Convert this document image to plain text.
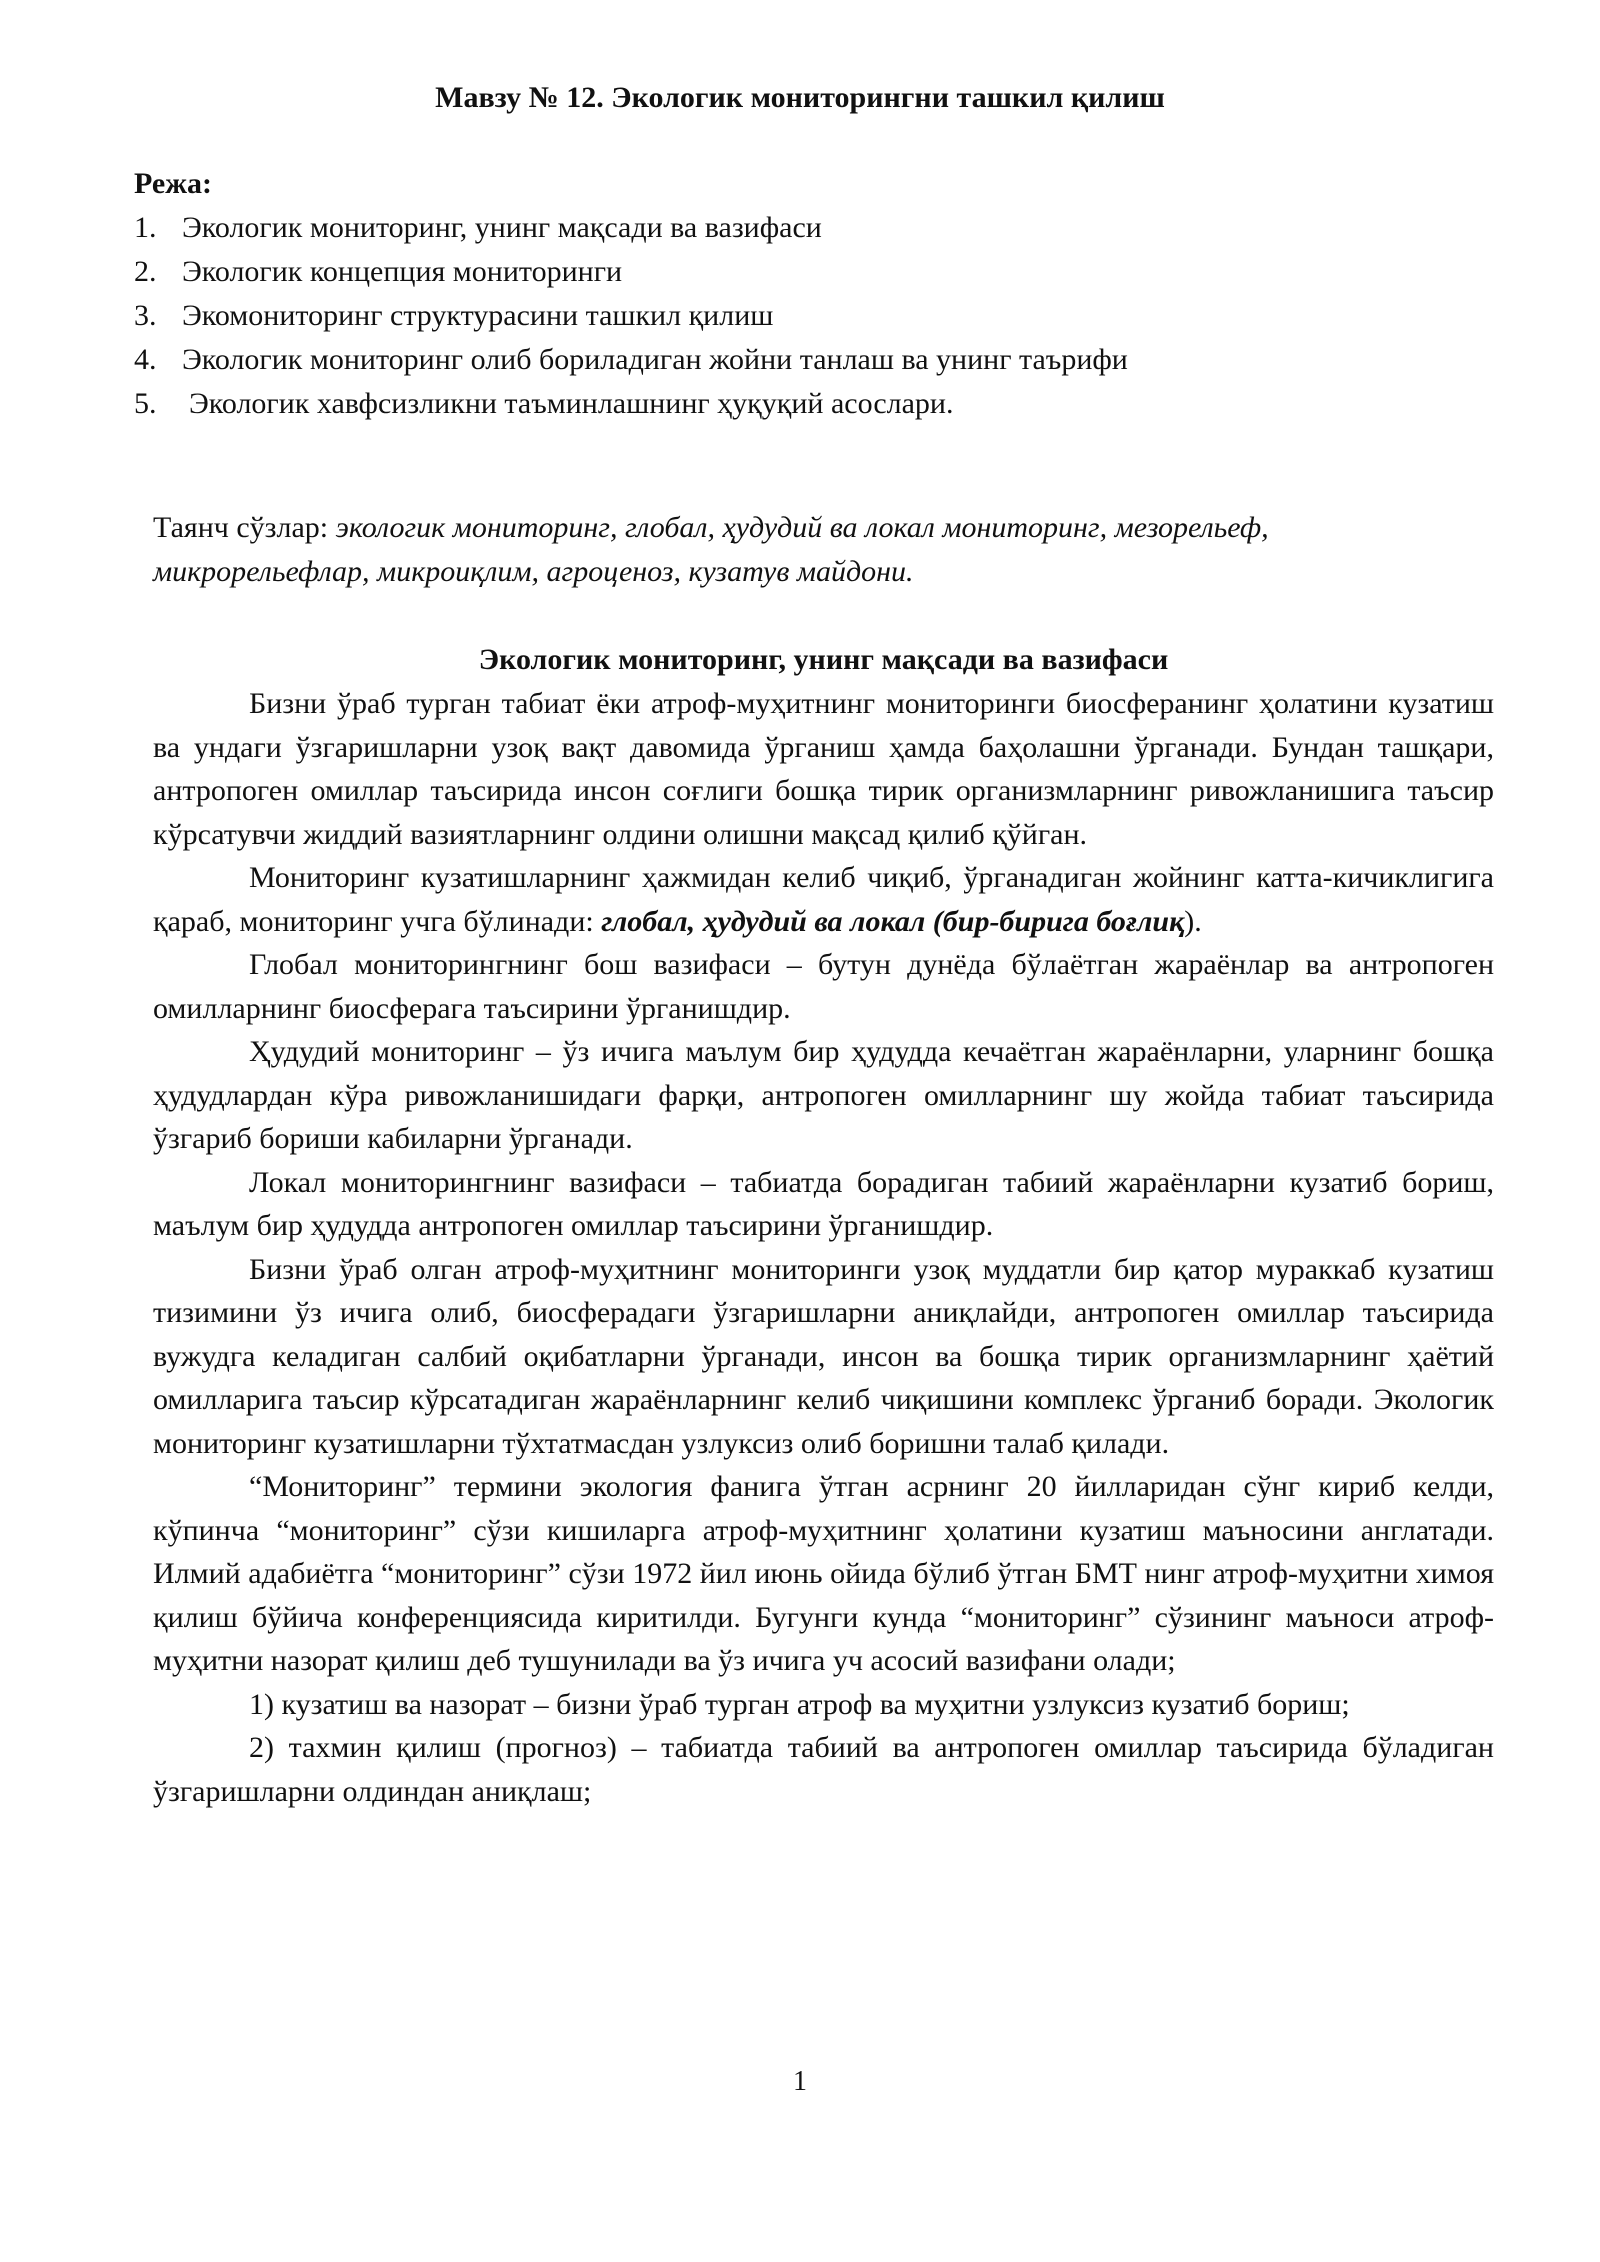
Мавзу № 12. Экологик мониторингни ташкил қилиш
Режа:
1. Экологик мониторинг, унинг мақсади ва вазифаси
2. Экологик концепция мониторинги
3. Экомониторинг структурасини ташкил қилиш
4. Экологик мониторинг олиб бориладиган жойни танлаш ва унинг таърифи
5.	Экологик хавфсизликни таъминлашнинг ҳуқуқий асослари.

Таянч сўзлар: экологик мониторинг, глобал, ҳудудий ва локал мониторинг, мезорельеф, микрорельефлар, микроиқлим, агроценоз, кузатув майдони.

Экологик мониторинг, унинг мақсади ва вазифаси

Бизни ўраб турган табиат ёки атроф-муҳитнинг мониторинги биосферанинг ҳолатини кузатиш ва ундаги ўзгаришларни узоқ вақт давомида ўрганиш ҳамда баҳолашни ўрганади. Бундан ташқари, антропоген омиллар таъсирида инсон соғлиги бошқа тирик организмларнинг ривожланишига таъсир кўрсатувчи жиддий вазиятларнинг олдини олишни мақсад қилиб қўйган.

Мониторинг кузатишларнинг ҳажмидан келиб чиқиб, ўрганадиган жойнинг катта-кичиклигига қараб, мониторинг учга бўлинади: глобал, ҳудудий ва локал (бир-бирига боғлиқ).

Глобал мониторингнинг бош вазифаси – бутун дунёда бўлаётган жараёнлар ва антропоген омилларнинг биосферага таъсирини ўрганишдир.

Ҳудудий мониторинг – ўз ичига маълум бир ҳудудда кечаётган жараёнларни, уларнинг бошқа ҳудудлардан кўра ривожланишидаги фарқи, антропоген омилларнинг шу жойда табиат таъсирида ўзгариб бориши кабиларни ўрганади.

Локал мониторингнинг вазифаси – табиатда борадиган табиий жараёнларни кузатиб бориш, маълум бир ҳудудда антропоген омиллар таъсирини ўрганишдир.

Бизни ўраб олган атроф-муҳитнинг мониторинги узоқ муддатли бир қатор мураккаб кузатиш тизимини ўз ичига олиб, биосферадаги ўзгаришларни аниқлайди, антропоген омиллар таъсирида вужудга келадиган салбий оқибатларни ўрганади, инсон ва бошқа тирик организмларнинг ҳаётий омилларига таъсир кўрсатадиган жараёнларнинг келиб чиқишини комплекс ўрганиб боради. Экологик мониторинг кузатишларни тўхтатмасдан узлуксиз олиб боришни талаб қилади.

“Мониторинг” термини экология фанига ўтган асрнинг 20 йилларидан сўнг кириб келди, кўпинча “мониторинг” сўзи кишиларга атроф-муҳитнинг ҳолатини кузатиш маъносини англатади. Илмий адабиётга “мониторинг” сўзи 1972 йил июнь ойида бўлиб ўтган БМТ нинг атроф-муҳитни химоя қилиш бўйича конференциясида киритилди. Бугунги кунда “мониторинг” сўзининг маъноси атроф-муҳитни назорат қилиш деб тушунилади ва ўз ичига уч асосий вазифани олади;

1) кузатиш ва назорат – бизни ўраб турган атроф ва муҳитни узлуксиз кузатиб бориш;

2) тахмин қилиш (прогноз) – табиатда табиий ва антропоген омиллар таъсирида бўладиган ўзгаришларни олдиндан аниқлаш;

1
